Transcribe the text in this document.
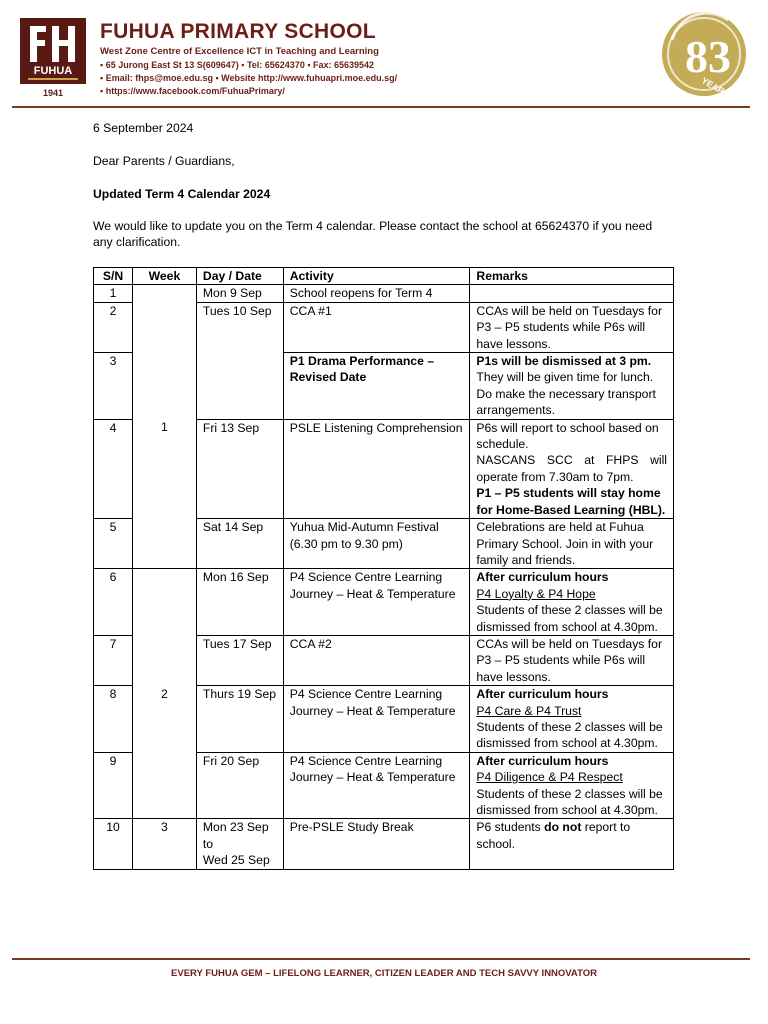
FUHUA
1941
FUHUA PRIMARY SCHOOL
West Zone Centre of Excellence ICT in Teaching and Learning
▪ 65 Jurong East St 13 S(609647) ▪ Tel: 65624370 ▪ Fax: 65639542
▪ Email: fhps@moe.edu.sg ▪ Website http://www.fuhuapri.moe.edu.sg/
▪ https://www.facebook.com/FuhuaPrimary/
83
YEARS
6 September 2024
Dear Parents / Guardians,
Updated Term 4 Calendar 2024
We would like to update you on the Term 4 calendar. Please contact the school at 65624370 if you need any clarification.
S/N	Week	Day / Date	Activity	Remarks
1	1	Mon 9 Sep	School reopens for Term 4	
2		Tues 10 Sep	CCA #1	CCAs will be held on Tuesdays for P3 – P5 students while P6s will have lessons.
3			P1 Drama Performance – Revised Date	P1s will be dismissed at 3 pm.
They will be given time for lunch.
Do make the necessary transport arrangements.

4		Fri 13 Sep	PSLE Listening Comprehension	P6s will report to school based on schedule.
NASCANS SCC at FHPS will operate from 7.30am to 7pm.
P1 – P5 students will stay home for Home-Based Learning (HBL).

5		Sat 14 Sep	Yuhua Mid-Autumn Festival (6.30 pm to 9.30 pm)	Celebrations are held at Fuhua Primary School. Join in with your family and friends.
6	2	Mon 16 Sep	P4 Science Centre Learning Journey – Heat & Temperature	After curriculum hours
P4 Loyalty & P4 Hope
Students of these 2 classes will be dismissed from school at 4.30pm.

7		Tues 17 Sep	CCA #2	CCAs will be held on Tuesdays for P3 – P5 students while P6s will have lessons.
8		Thurs 19 Sep	P4 Science Centre Learning Journey – Heat & Temperature	After curriculum hours
P4 Care & P4 Trust
Students of these 2 classes will be dismissed from school at 4.30pm.

9		Fri 20 Sep	P4 Science Centre Learning Journey – Heat & Temperature	After curriculum hours
P4 Diligence & P4 Respect
Students of these 2 classes will be dismissed from school at 4.30pm.

10	3	Mon 23 Sep
to
Wed 25 Sep	Pre-PSLE Study Break	P6 students do not report to school.
EVERY FUHUA GEM – LIFELONG LEARNER, CITIZEN LEADER AND TECH SAVVY INNOVATOR
